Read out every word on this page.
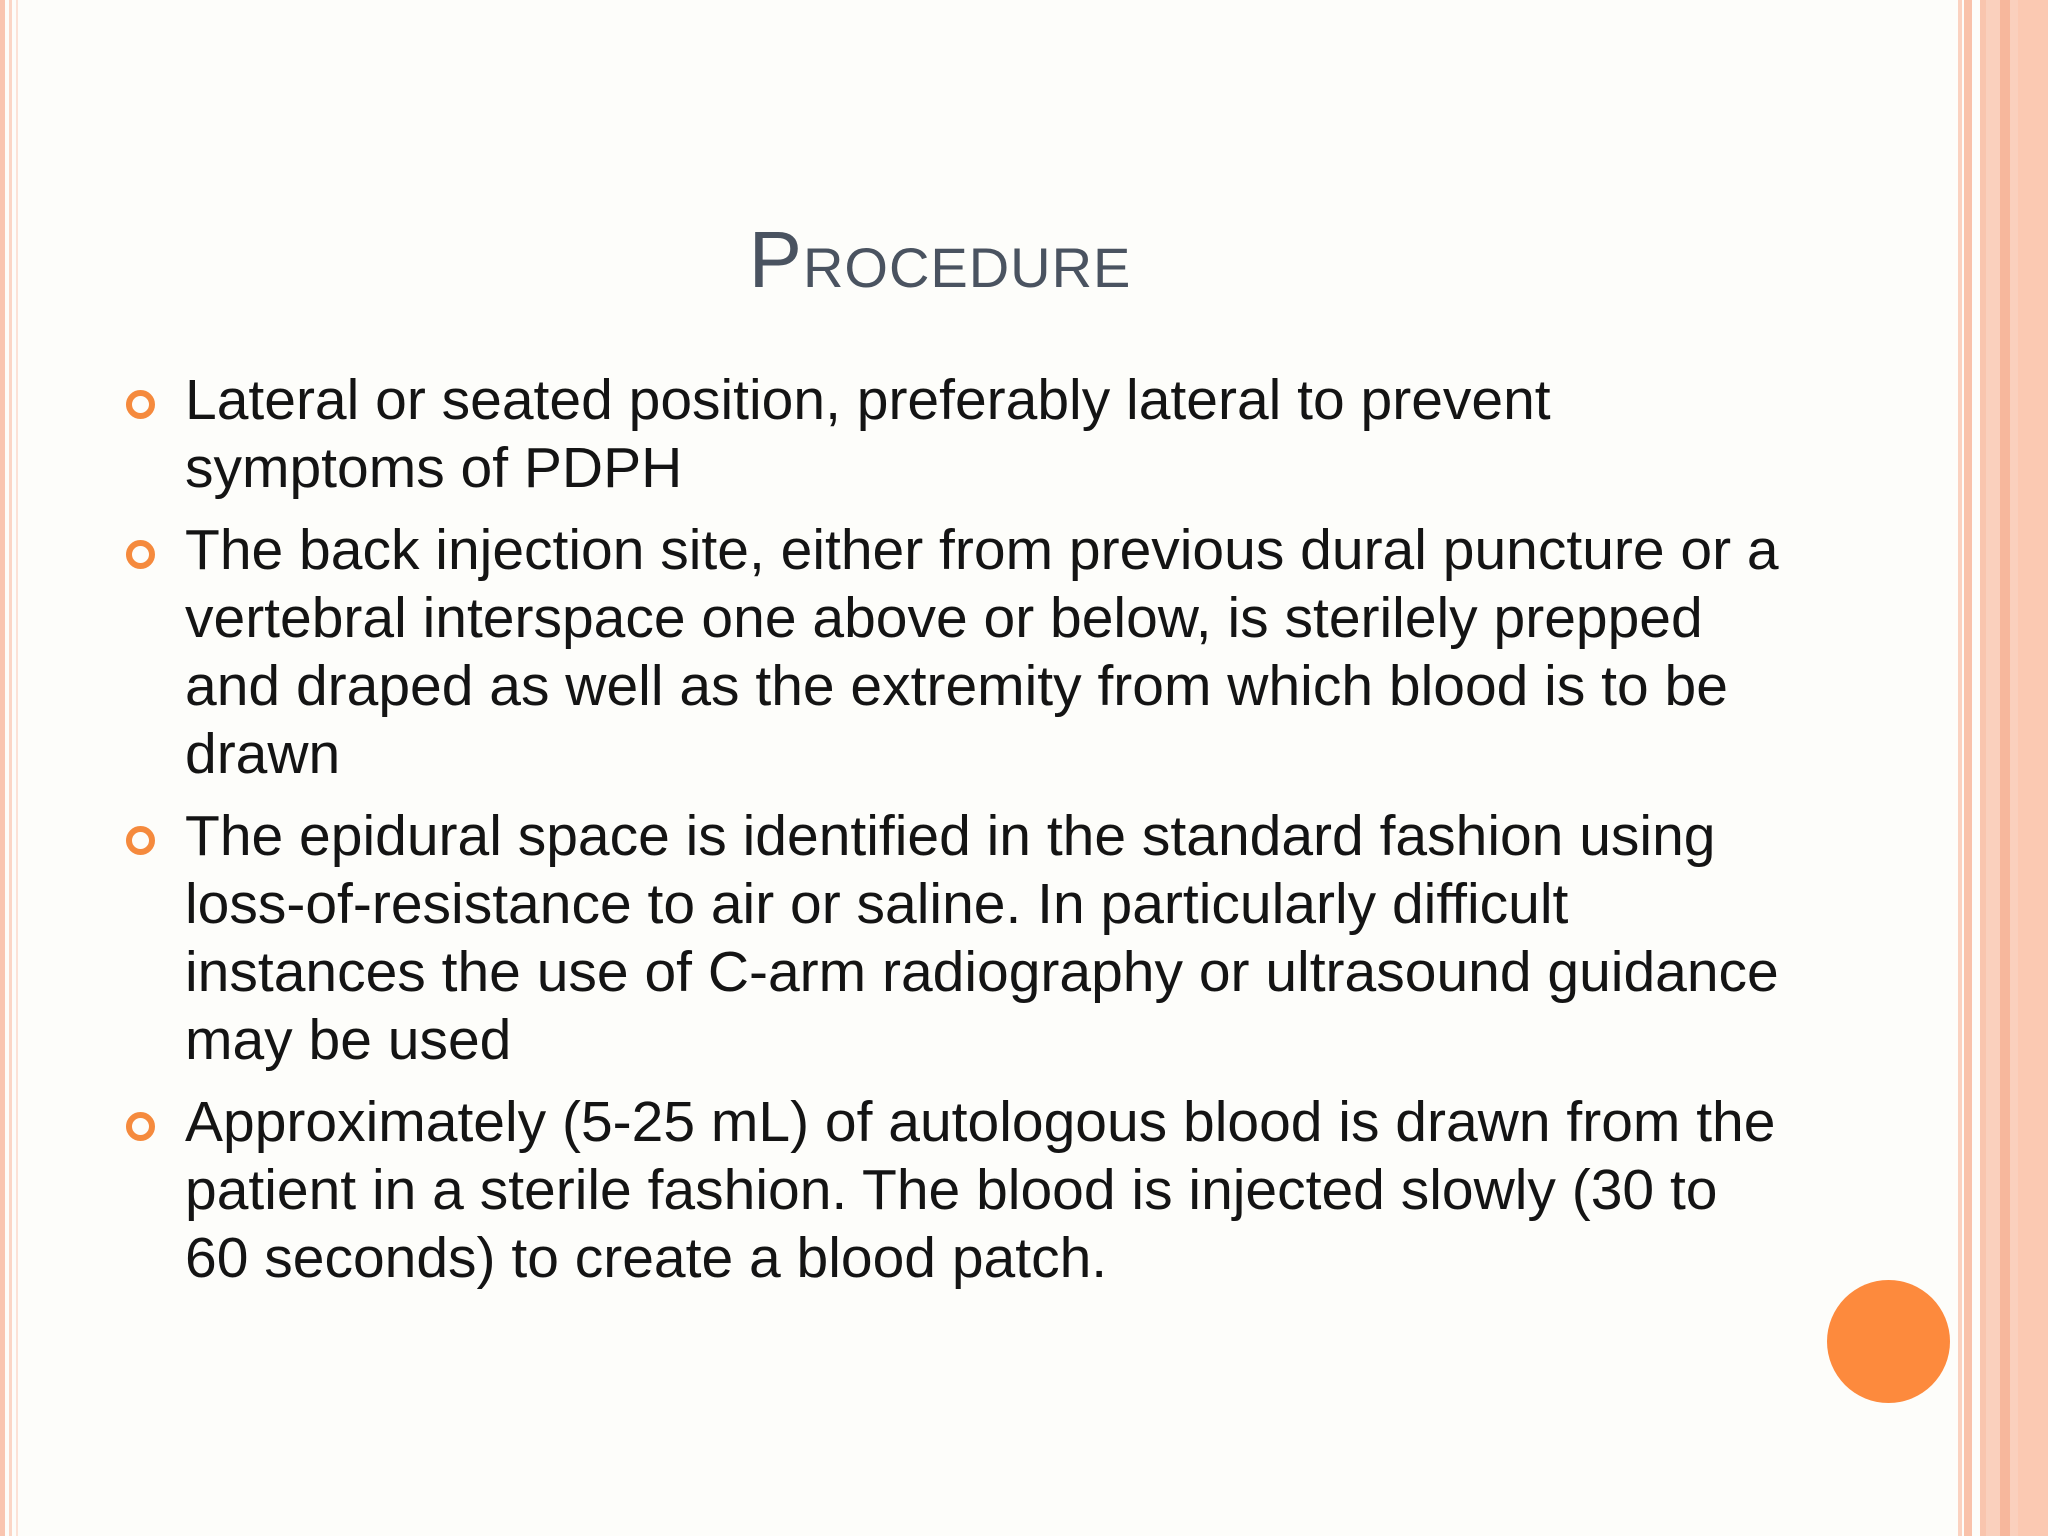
Procedure
Lateral or seated position, preferably lateral to prevent symptoms of PDPH
The back injection site, either from previous dural puncture or a vertebral interspace one above or below, is sterilely prepped and draped as well as the extremity from which blood is to be drawn
The epidural space is identified in the standard fashion using loss-of-resistance to air or saline. In particularly difficult instances the use of C-arm radiography or ultrasound guidance may be used
Approximately (5-25 mL) of autologous blood is drawn from the patient in a sterile fashion. The blood is injected slowly (30 to 60 seconds) to create a blood patch.
